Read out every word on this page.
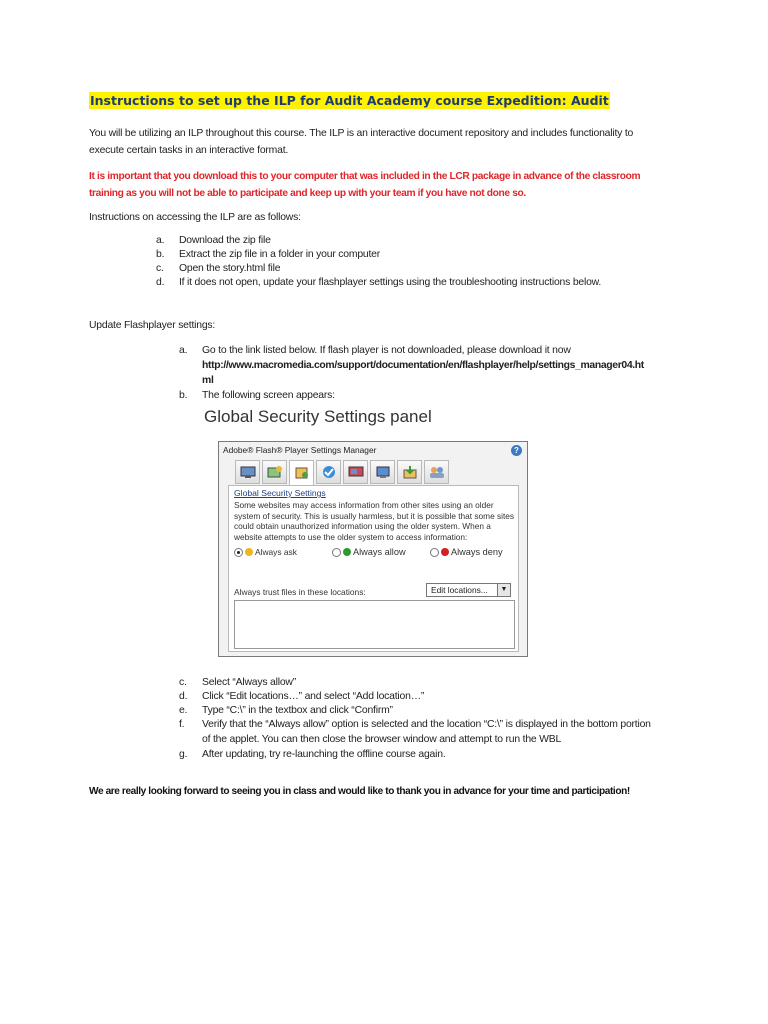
Instructions to set up the ILP for Audit Academy course Expedition: Audit
You will be utilizing an ILP throughout this course. The ILP is an interactive document repository and includes functionality to
execute certain tasks in an interactive format.
It is important that you download this to your computer that was included in the LCR package in advance of the classroom
training as you will not be able to participate and keep up with your team if you have not done so.
Instructions on accessing the ILP are as follows:
a. Download the zip file
b. Extract the zip file in a folder in your computer
c. Open the story.html file
d. If it does not open, update your flashplayer settings using the troubleshooting instructions below.
Update Flashplayer settings:
a. Go to the link listed below. If flash player is not downloaded, please download it now
http://www.macromedia.com/support/documentation/en/flashplayer/help/settings_manager04.ht
ml
b. The following screen appears:
Global Security Settings panel
Adobe® Flash® Player Settings Manager	?
Global Security Settings
Some websites may access information from other sites using an older system of security. This is usually harmless, but it is possible that some sites could obtain unauthorized information using the older system. When a website attempts to use the older system to access information:
Always ask	Always allow	Always deny
Always trust files in these locations:	Edit locations...	▼
c. Select “Always allow”
d. Click “Edit locations…” and select “Add location…”
e. Type “C:\” in the textbox and click “Confirm”
f. Verify that the “Always allow” option is selected and the location “C:\” is displayed in the bottom portion
of the applet. You can then close the browser window and attempt to run the WBL
g. After updating, try re-launching the offline course again.
We are really looking forward to seeing you in class and would like to thank you in advance for your time and participation!
